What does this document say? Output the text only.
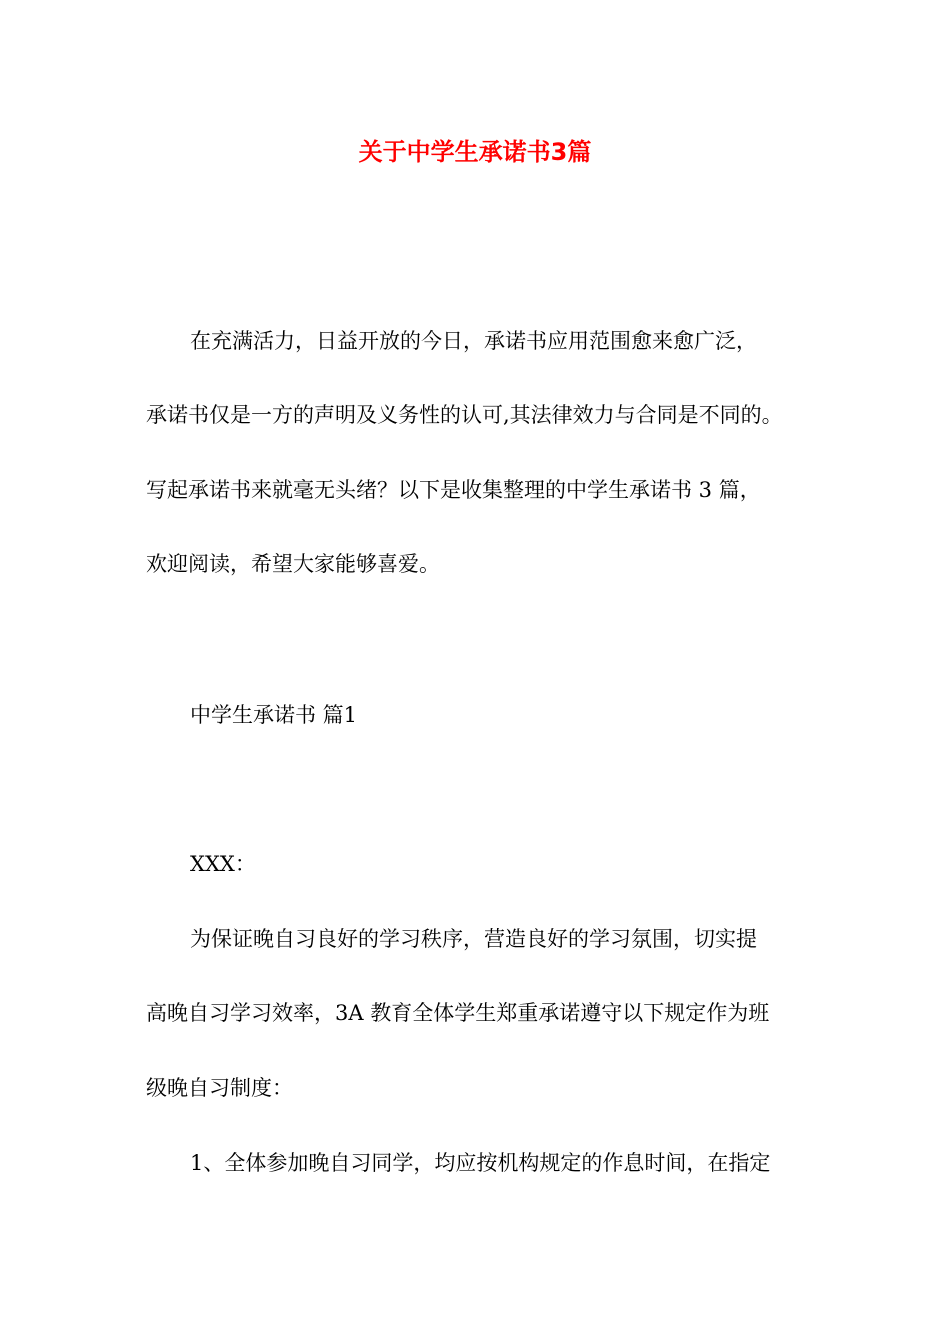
关于中学生承诺书3篇

在充满活力，日益开放的今日，承诺书应用范围愈来愈广泛，

承诺书仅是一方的声明及义务性的认可,其法律效力与合同是不同的。

写起承诺书来就毫无头绪？以下是收集整理的中学生承诺书 3 篇，

欢迎阅读，希望大家能够喜爱。

中学生承诺书 篇1

XXX：

为保证晚自习良好的学习秩序，营造良好的学习氛围，切实提

高晚自习学习效率，3A 教育全体学生郑重承诺遵守以下规定作为班

级晚自习制度：

1、全体参加晚自习同学，均应按机构规定的作息时间，在指定
